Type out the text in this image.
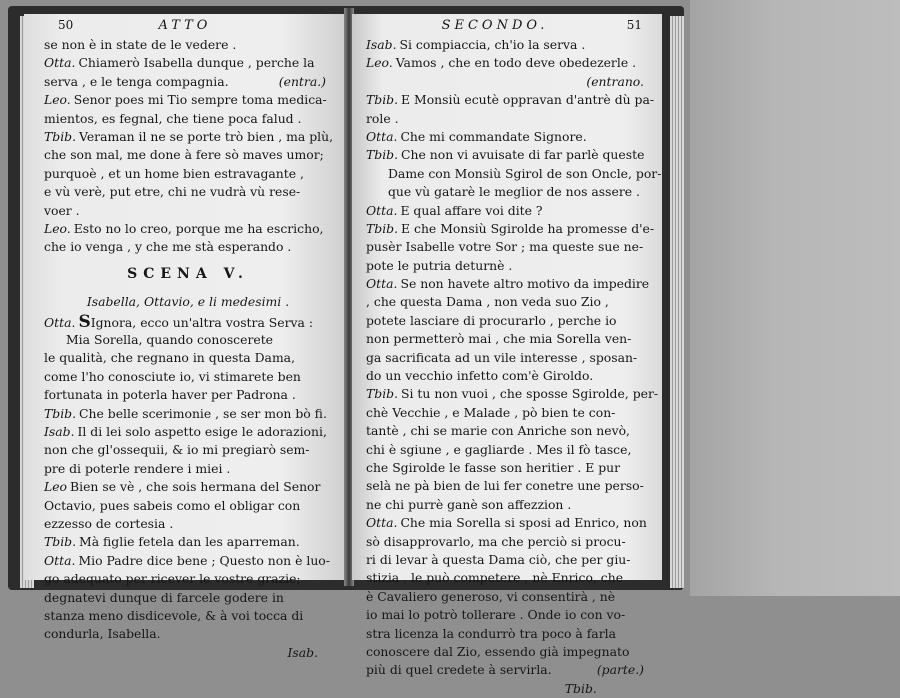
50	ATTO
se non è in state de le vedere .
Otta. Chiamerò Isabella dunque , perche la
serva , e le tenga compagnia.	(entra.)
Leo. Senor poes mi Tio sempre toma medica-
mientos, es fegnal, che tiene poca falud .
Tbib. Veraman il ne se porte trò bien , ma plù,
che son mal, me done à fere sò maves umor;
purquoè , et un home bien estravagante ,
e vù verè, put etre, chi ne vudrà vù rese-
voer .
Leo. Esto no lo creo, porque me ha escricho,
che io venga , y che me stà esperando .
SCENA V.
Isabella, Ottavio, e li medesimi .
Otta. SIgnora, ecco un'altra vostra Serva :
Mia Sorella, quando conoscerete
le qualità, che regnano in questa Dama,
come l'ho conosciute io, vi stimarete ben
fortunata in poterla haver per Padrona .
Tbib. Che belle scerimonie , se ser mon bò fi.
Isab. Il di lei solo aspetto esige le adorazioni,
non che gl'ossequii, & io mi pregiarò sem-
pre di poterle rendere i miei .
Leo Bien se vè , che sois hermana del Senor
Octavio, pues sabeis como el obligar con
ezzesso de cortesia .
Tbib. Mà figlie fetela dan les aparreman.
Otta. Mio Padre dice bene ; Questo non è luo-
go adequato per ricever le vostre grazie;
degnatevi dunque di farcele godere in
stanza meno disdicevole, & à voi tocca di
condurla, Isabella.
Isab.
SECONDO.	51
Isab. Si compiaccia, ch'io la serva .
Leo. Vamos , che en todo deve obedezerle .
(entrano.
Tbib. E Monsiù ecutè oppravan d'antrè dù pa-
role .
Otta. Che mi commandate Signore.
Tbib. Che non vi avuisate di far parlè queste
Dame con Monsiù Sgirol de son Oncle, por-
que vù gatarè le meglior de nos assere .
Otta. E qual affare voi dite ?
Tbib. E che Monsiù Sgirolde ha promesse d'e-
pusèr Isabelle votre Sor ; ma queste sue ne-
pote le putria deturnè .
Otta. Se non havete altro motivo da impedire
, che questa Dama , non veda suo Zio ,
potete lasciare di procurarlo , perche io
non permetterò mai , che mia Sorella ven-
ga sacrificata ad un vile interesse , sposan-
do un vecchio infetto com'è Giroldo.
Tbib. Si tu non vuoi , che sposse Sgirolde, per-
chè Vecchie , e Malade , pò bien te con-
tantè , chi se marie con Anriche son nevò,
chi è sgiune , e gagliarde . Mes il fò tasce,
che Sgirolde le fasse son heritier . E pur
selà ne pà bien de lui fer conetre une perso-
ne chi purrè ganè son affezzion .
Otta. Che mia Sorella si sposi ad Enrico, non
sò disapprovarlo, ma che perciò si procu-
ri di levar à questa Dama ciò, che per giu-
stizia , le può competere , nè Enrico, che
è Cavaliero generoso, vi consentirà , nè
io mai lo potrò tollerare . Onde io con vo-
stra licenza la condurrò tra poco à farla
conoscere dal Zio, essendo già impegnato
più di quel credete à servirla.	(parte.)
Tbib.
